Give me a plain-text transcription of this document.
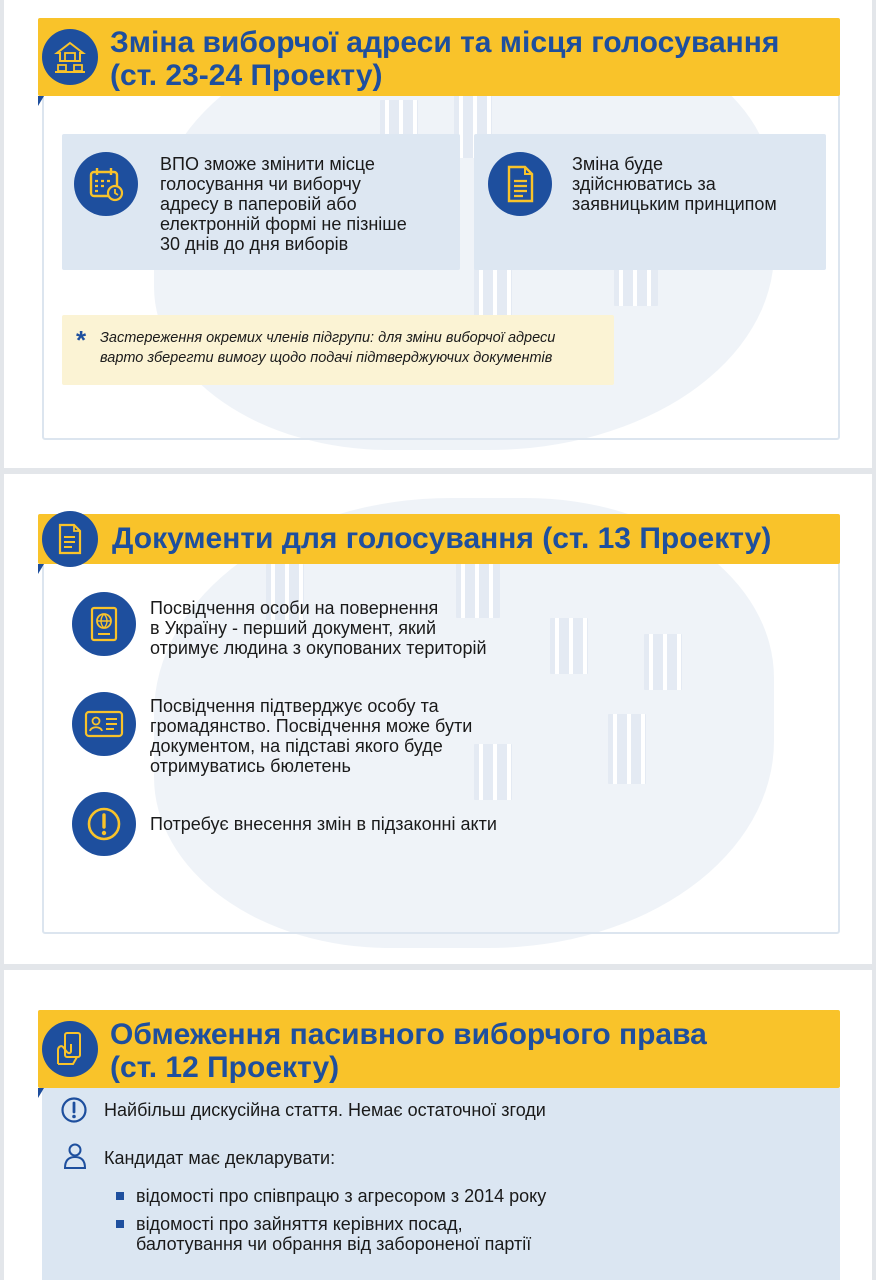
Зміна виборчої адреси та місця голосування
(ст. 23-24 Проекту)
ВПО зможе змінити місце
голосування чи виборчу
адресу в паперовій або
електронній формі не пізніше
30 днів до дня виборів
Зміна буде
здійснюватись за
заявницьким принципом
* Застереження окремих членів підгрупи: для зміни виборчої адреси
варто зберегти вимогу щодо подачі підтверджуючих документів
Документи для голосування (ст. 13 Проекту)
Посвідчення особи на повернення
в Україну - перший документ, який
отримує людина з окупованих територій
Посвідчення підтверджує особу та
громадянство. Посвідчення може бути
документом, на підставі якого буде
отримуватись бюлетень
Потребує внесення змін в підзаконні акти
Обмеження пасивного виборчого права
(ст. 12 Проекту)
Найбільш дискусійна стаття. Немає остаточної згоди
Кандидат має декларувати:
відомості про співпрацю з агресором з 2014 року
відомості про зайняття керівних посад,
балотування чи обрання від забороненої партії
